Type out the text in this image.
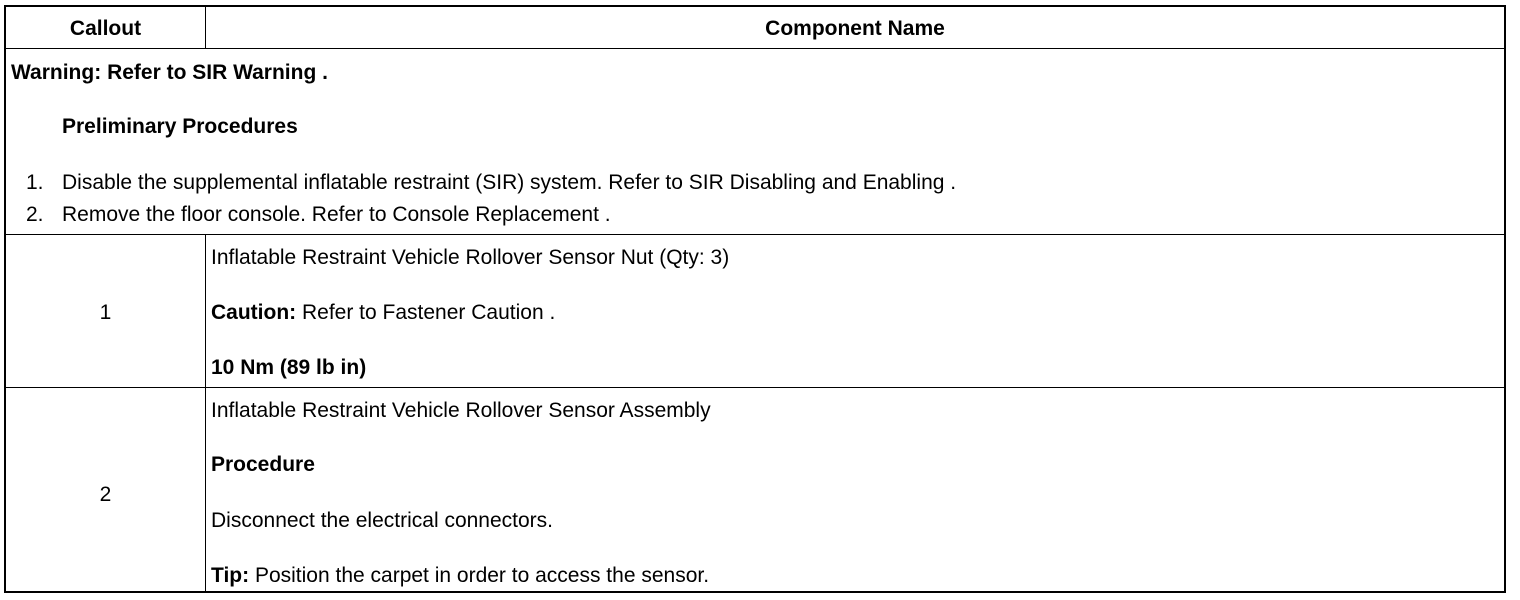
Callout	Component Name
Warning: Refer to SIR Warning .
Preliminary Procedures
1. Disable the supplemental inflatable restraint (SIR) system. Refer to SIR Disabling and Enabling .
2. Remove the floor console. Refer to Console Replacement .
1
Inflatable Restraint Vehicle Rollover Sensor Nut (Qty: 3)
Caution: Refer to Fastener Caution .
10 Nm (89 lb in)
2
Inflatable Restraint Vehicle Rollover Sensor Assembly
Procedure
Disconnect the electrical connectors.
Tip: Position the carpet in order to access the sensor.
